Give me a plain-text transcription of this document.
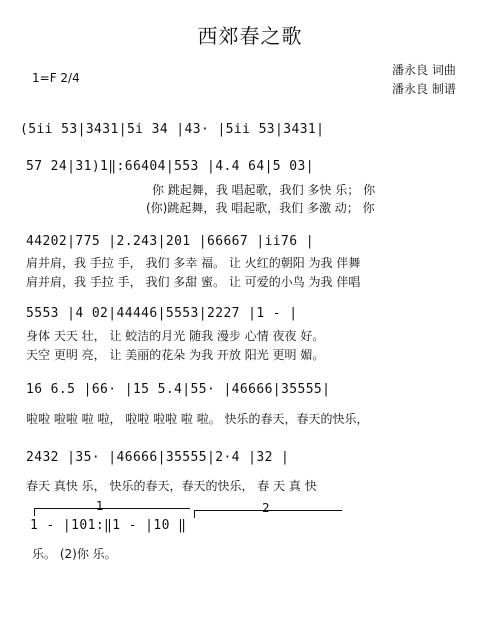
西郊春之歌
潘永良 词曲
潘永良 制谱
1=F 2/4
(5ii 53|3431|5i 34 |43· |5ii 53|3431|
57 24|31)1‖:66404|553 |4.4 64|5 03|
你 跳起舞，我 唱起歌，我们 多快 乐； 你
(你)跳起舞，我 唱起歌，我们 多激 动； 你
44202|775 |2.243|201 |66667 |ii76 |
肩并肩，我 手拉 手， 我们 多幸 福。 让 火红的朝阳 为我 伴舞
肩并肩，我 手拉 手， 我们 多甜 蜜。 让 可爱的小鸟 为我 伴唱
5553 |4 02|44446|5553|2227 |1 - |
身体 天天 壮， 让 蛟洁的月光 随我 漫步 心情 夜夜 好。
天空 更明 亮， 让 美丽的花朵 为我 开放 阳光 更明 媚。
16 6.5 |66· |15 5.4|55· |46666|35555|
啦啦 啦啦 啦 啦， 啦啦 啦啦 啦 啦。 快乐的春天，春天的快乐，
2432 |35· |46666|35555|2·4 |32 |
春天 真快 乐， 快乐的春天，春天的快乐， 春 天 真 快
1	2
1 - |101:‖1 - |10 ‖
乐。 (2)你 乐。
